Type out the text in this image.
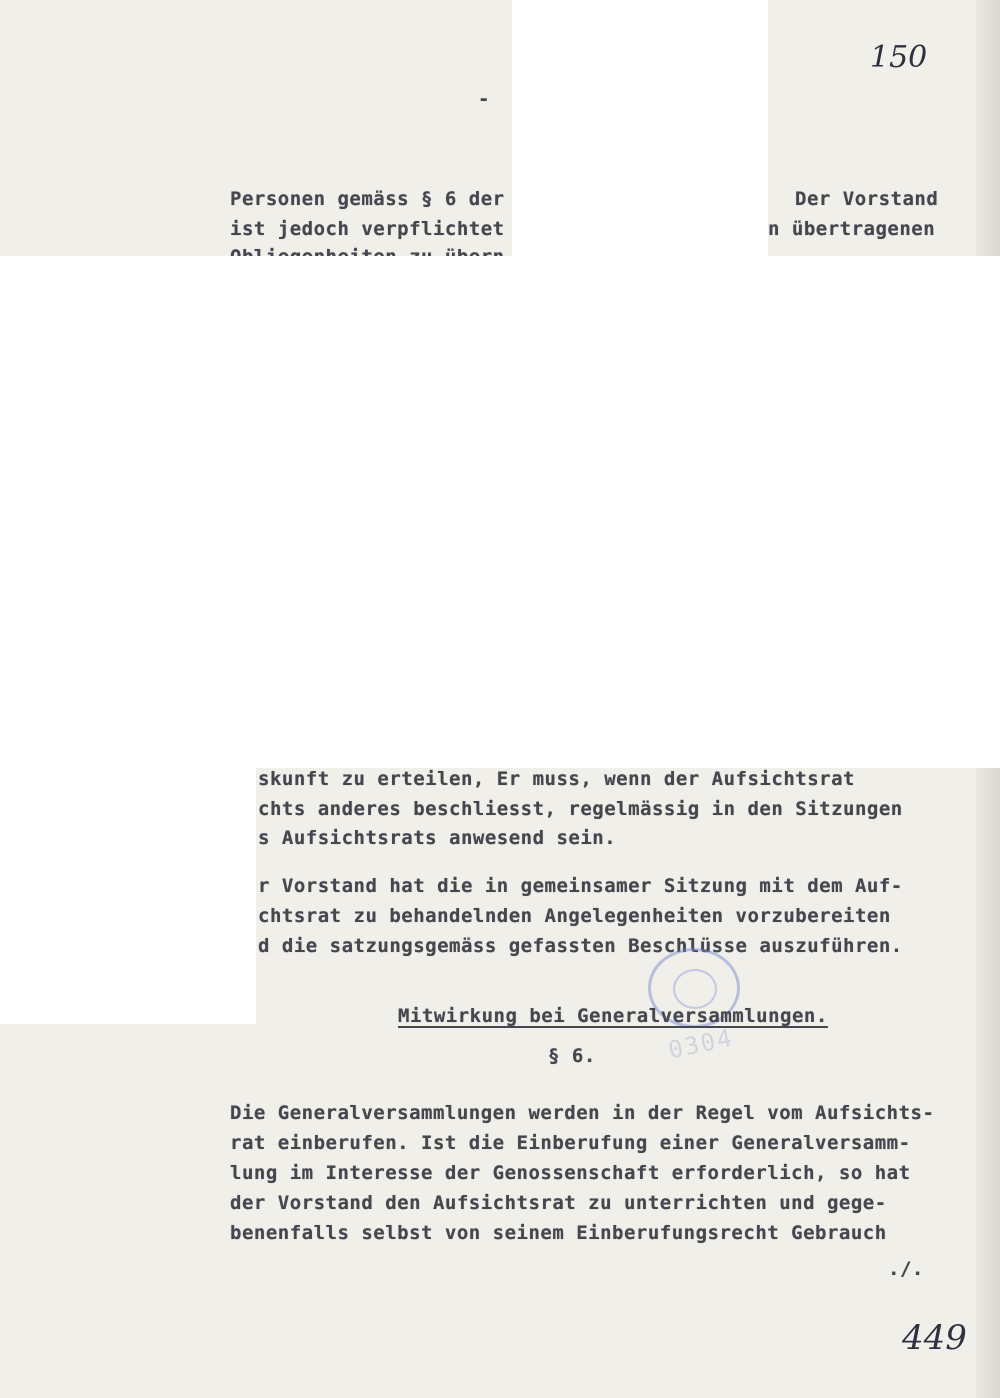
150
-
Personen gemäss § 6 der	Der Vorstand
ist jedoch verpflichtet	n übertragenen
skunft zu erteilen, Er muss, wenn der Aufsichtsrat
chts anderes beschliesst, regelmässig in den Sitzungen
s Aufsichtsrats anwesend sein.
r Vorstand hat die in gemeinsamer Sitzung mit dem Auf-
chtsrat zu behandelnden Angelegenheiten vorzubereiten
d die satzungsgemäss gefassten Beschlüsse auszuführen.
0304
Mitwirkung bei Generalversammlungen.
§ 6.
Die Generalversammlungen werden in der Regel vom Aufsichts-
rat einberufen. Ist die Einberufung einer Generalversamm-
lung im Interesse der Genossenschaft erforderlich, so hat
der Vorstand den Aufsichtsrat zu unterrichten und gege-
benenfalls selbst von seinem Einberufungsrecht Gebrauch
./.
449
